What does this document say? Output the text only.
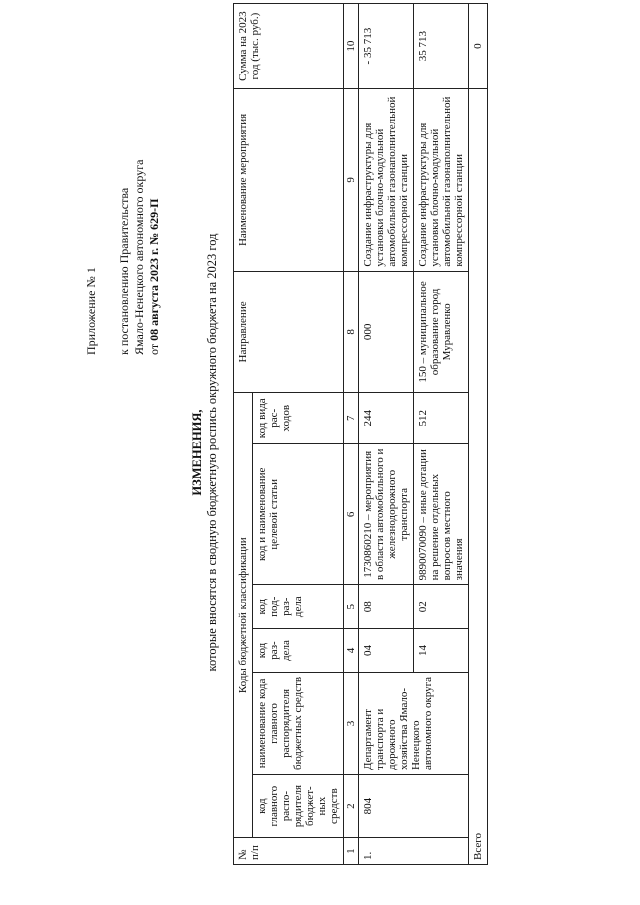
Приложение № 1 к постановлению Правительства Ямало-Ненецкого автономного округа от 08 августа 2023 г. № 629-П
ИЗМЕНЕНИЯ, которые вносятся в сводную бюджетную роспись окружного бюджета на 2023 год
№ п/п	Коды бюджетной классификации						Направление	Наименование мероприятия	Сумма на 2023 год (тыс. руб.)
	код главного распо-рядителя бюджет-ных средств	наименование кода главного распорядителя бюджетных средств	код раз-дела	код под-раз-дела	код и наименование целевой статьи	код вида рас-ходов			
1	2	3	4	5	6	7	8	9	10
1.	804	Департамент транспорта и дорожного хозяйства Ямало-Ненецкого автономного округа	04	08	1730860210 – мероприятия в области автомобильного и железнодорожного транспорта	244	000	Создание инфраструктуры для установки блочно-модульной автомобильной газонаполнительной компрессорной станции	- 35 713
			14	02	9890070090 – иные дотации на решение отдельных вопросов местного значения	512	150 – муниципальное образование город Муравленко	Создание инфраструктуры для установки блочно-модульной автомобильной газонаполнительной компрессорной станции	35 713
Всего									0
